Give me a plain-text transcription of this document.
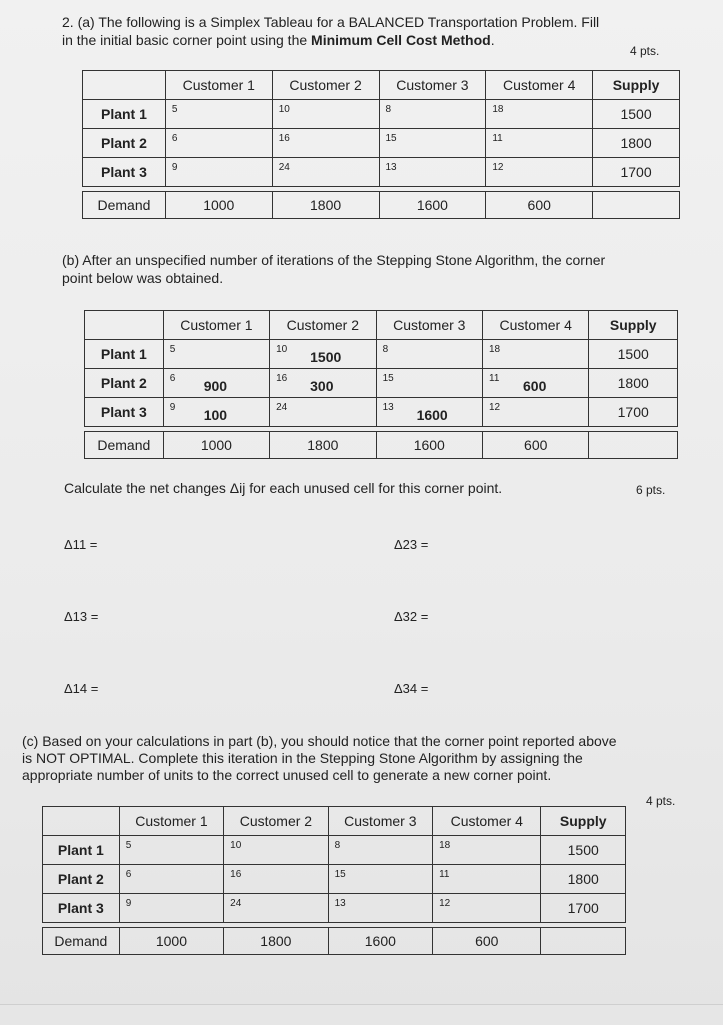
2. (a) The following is a Simplex Tableau for a BALANCED Transportation Problem. Fill
in the initial basic corner point using the Minimum Cell Cost Method.
4 pts.
	Customer 1	Customer 2	Customer 3	Customer 4	Supply
Plant 1	5	10	8	18	1500
Plant 2	6	16	15	11	1800
Plant 3	9	24	13	12	1700

Demand	1000	1800	1600	600	
(b) After an unspecified number of iterations of the Stepping Stone Algorithm, the corner
point below was obtained.
	Customer 1	Customer 2	Customer 3	Customer 4	Supply
Plant 1	5	10 1500	8	18	1500
Plant 2	6 900	16 300	15	11 600	1800
Plant 3	9 100	24	13 1600	12	1700

Demand	1000	1800	1600	600	
Calculate the net changes Δij for each unused cell for this corner point.	6 pts.
Δ11 =	Δ23 =
Δ13 =	Δ32 =
Δ14 =	Δ34 =
(c) Based on your calculations in part (b), you should notice that the corner point reported above
is NOT OPTIMAL. Complete this iteration in the Stepping Stone Algorithm by assigning the
appropriate number of units to the correct unused cell to generate a new corner point.
4 pts.
	Customer 1	Customer 2	Customer 3	Customer 4	Supply
Plant 1	5	10	8	18	1500
Plant 2	6	16	15	11	1800
Plant 3	9	24	13	12	1700

Demand	1000	1800	1600	600	
